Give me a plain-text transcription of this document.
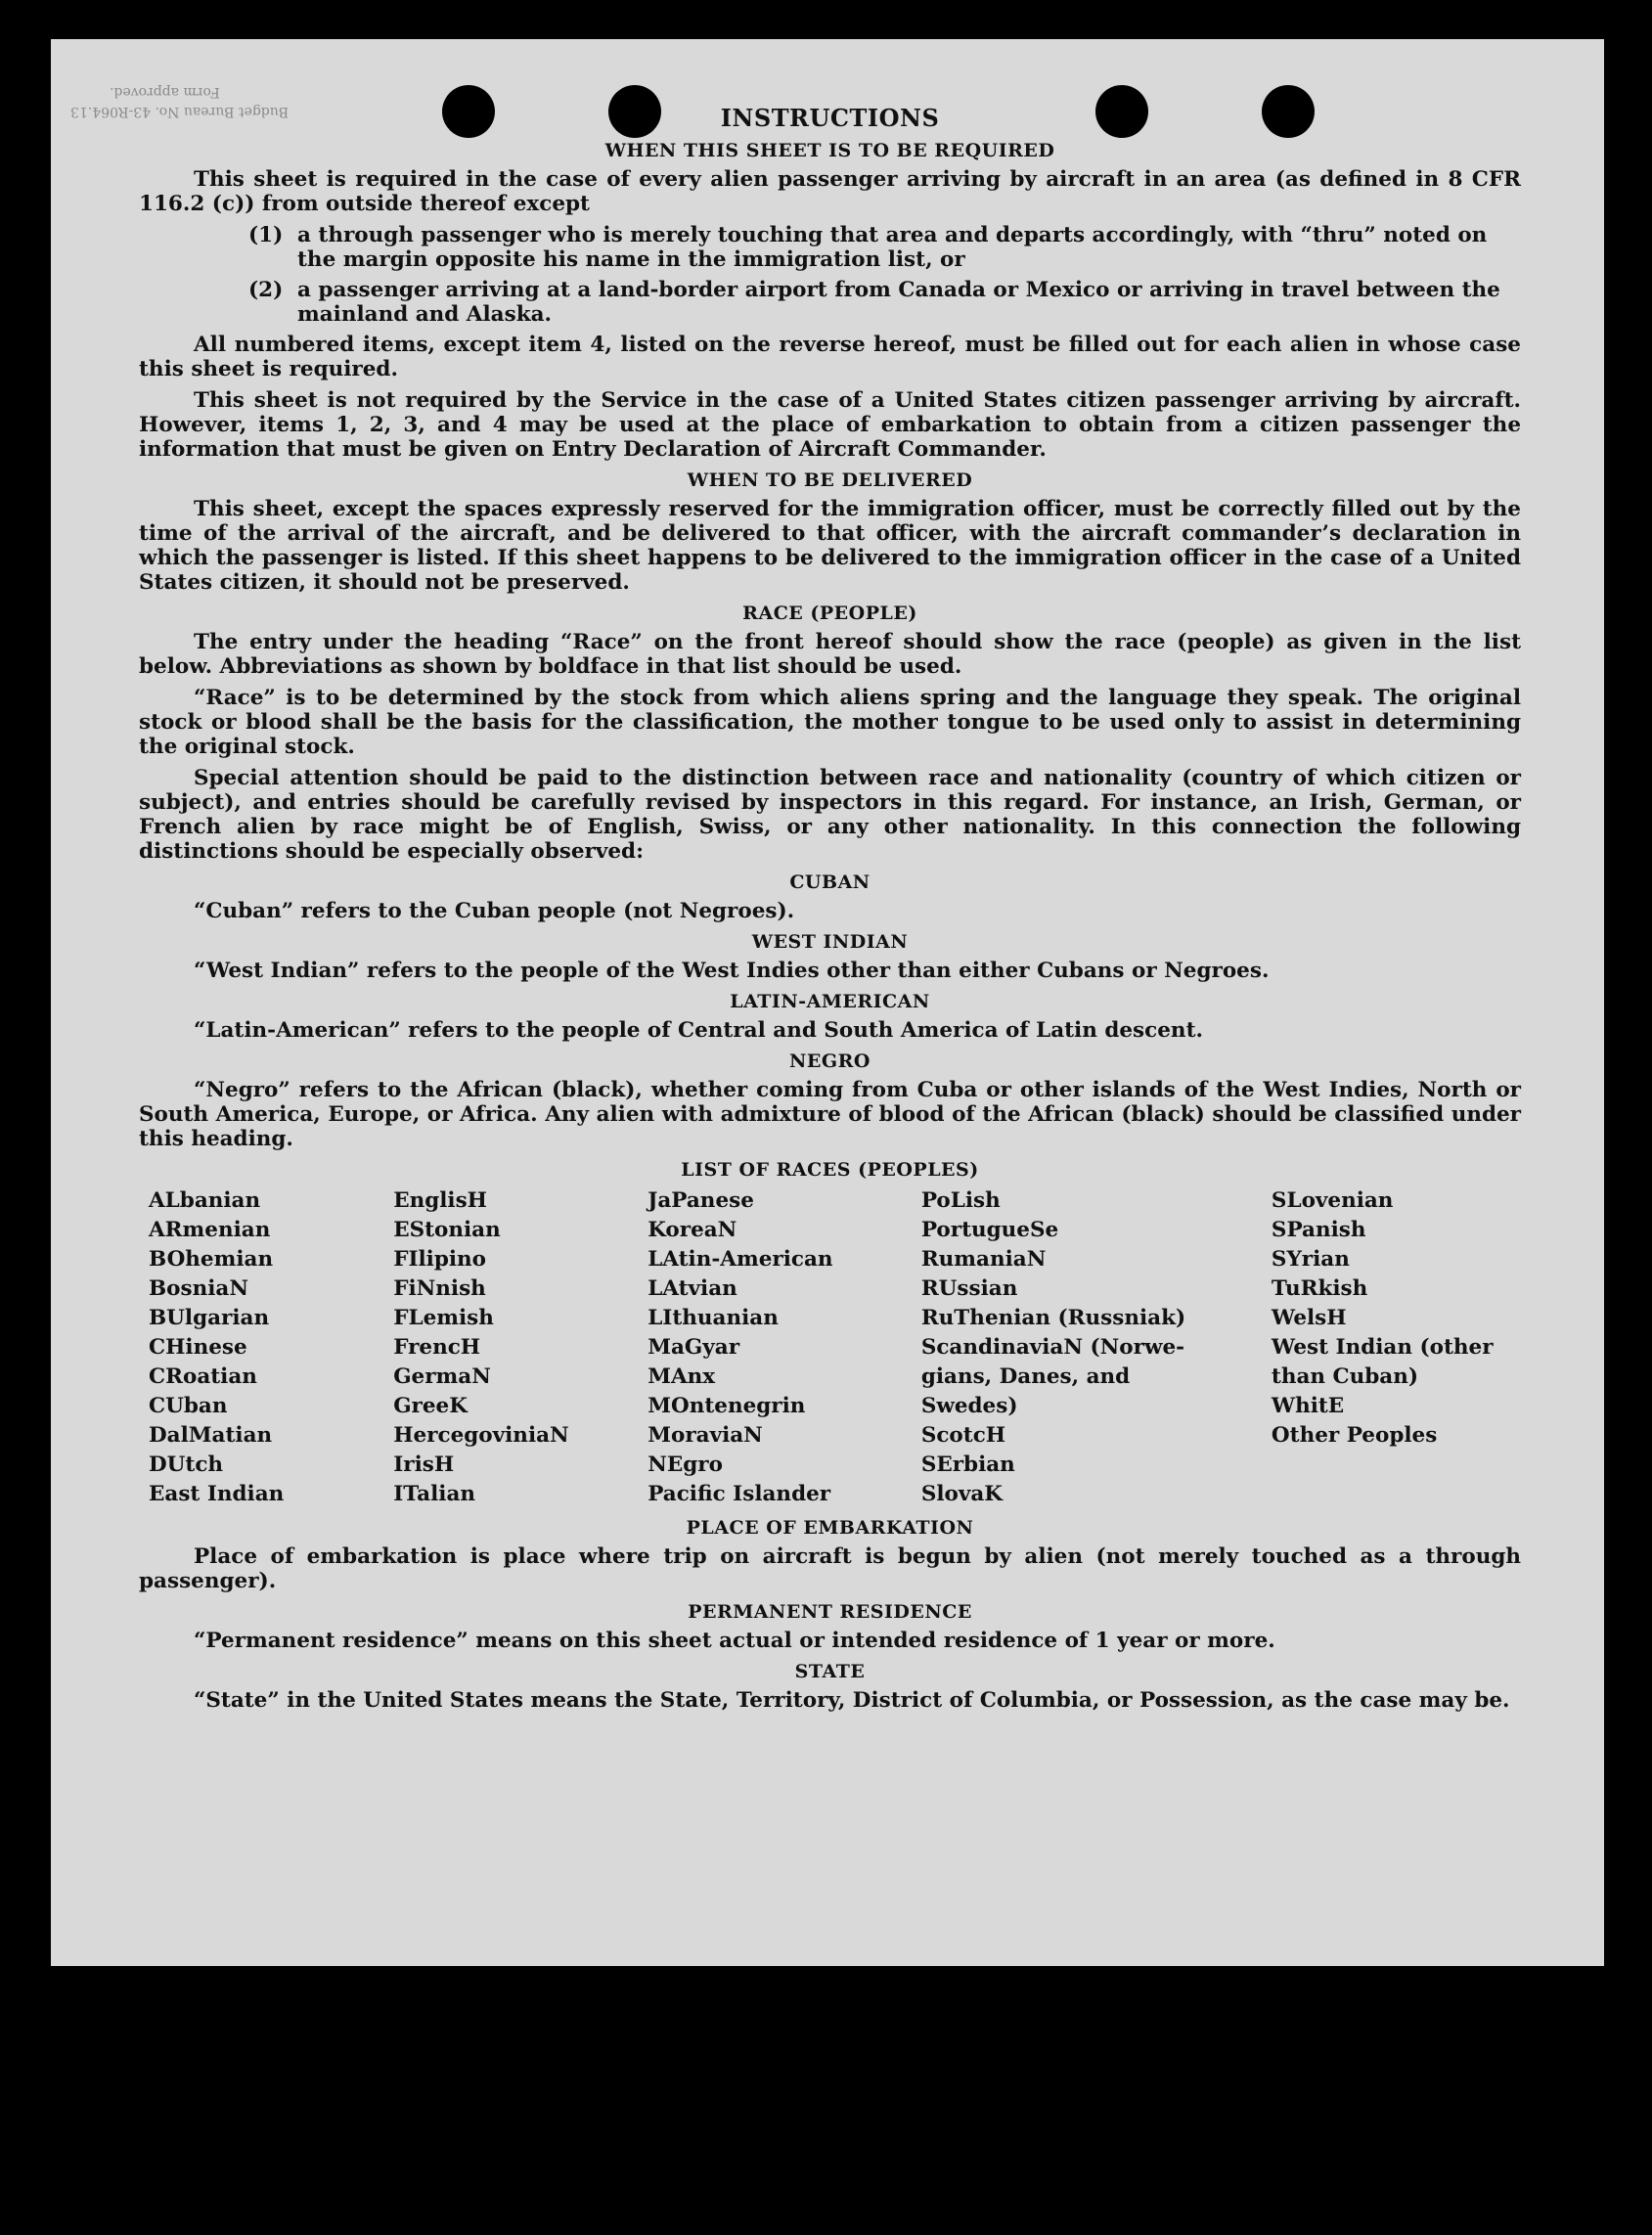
Form approved.
Budget Bureau No. 43-R064.13	INSTRUCTIONS
WHEN THIS SHEET IS TO BE REQUIRED

This sheet is required in the case of every alien passenger arriving by aircraft in an area (as defined in 8 CFR 116.2 (c)) from outside thereof except

(1) a through passenger who is merely touching that area and departs accordingly, with “thru” noted on the margin opposite his name in the immigration list, or
(2) a passenger arriving at a land-border airport from Canada or Mexico or arriving in travel between the mainland and Alaska.

All numbered items, except item 4, listed on the reverse hereof, must be filled out for each alien in whose case this sheet is required.

This sheet is not required by the Service in the case of a United States citizen passenger arriving by aircraft. However, items 1, 2, 3, and 4 may be used at the place of embarkation to obtain from a citizen passenger the information that must be given on Entry Declaration of Aircraft Commander.

WHEN TO BE DELIVERED

This sheet, except the spaces expressly reserved for the immigration officer, must be correctly filled out by the time of the arrival of the aircraft, and be delivered to that officer, with the aircraft commander’s declaration in which the passenger is listed. If this sheet happens to be delivered to the immigration officer in the case of a United States citizen, it should not be preserved.

RACE (PEOPLE)

The entry under the heading “Race” on the front hereof should show the race (people) as given in the list below. Abbreviations as shown by boldface in that list should be used.

“Race” is to be determined by the stock from which aliens spring and the language they speak. The original stock or blood shall be the basis for the classification, the mother tongue to be used only to assist in determining the original stock.

Special attention should be paid to the distinction between race and nationality (country of which citizen or subject), and entries should be carefully revised by inspectors in this regard. For instance, an Irish, German, or French alien by race might be of English, Swiss, or any other nationality. In this connection the following distinctions should be especially observed:

CUBAN

“Cuban” refers to the Cuban people (not Negroes).

WEST INDIAN

“West Indian” refers to the people of the West Indies other than either Cubans or Negroes.

LATIN-AMERICAN

“Latin-American” refers to the people of Central and South America of Latin descent.

NEGRO

“Negro” refers to the African (black), whether coming from Cuba or other islands of the West Indies, North or South America, Europe, or Africa. Any alien with admixture of blood of the African (black) should be classified under this heading.

LIST OF RACES (PEOPLES)
ALbanian
ARmenian
BOhemian
BosniaN
BUlgarian
CHinese
CRoatian
CUban
DalMatian
DUtch
East Indian
EnglisH
EStonian
FIlipino
FiNnish
FLemish
FrencH
GermaN
GreeK
HercegoviniaN
IrisH
ITalian
JaPanese
KoreaN
LAtin-American
LAtvian
LIthuanian
MaGyar
MAnx
MOntenegrin
MoraviaN
NEgro
Pacific Islander
PoLish
PortugueSe
RumaniaN
RUssian
RuThenian (Russniak)
ScandinaviaN (Norwe-
gians, Danes, and
Swedes)
ScotcH
SErbian
SlovaK
SLovenian
SPanish
SYrian
TuRkish
WelsH
West Indian (other
than Cuban)
WhitE
Other Peoples
PLACE OF EMBARKATION

Place of embarkation is place where trip on aircraft is begun by alien (not merely touched as a through passenger).

PERMANENT RESIDENCE

“Permanent residence” means on this sheet actual or intended residence of 1 year or more.

STATE

“State” in the United States means the State, Territory, District of Columbia, or Possession, as the case may be.
